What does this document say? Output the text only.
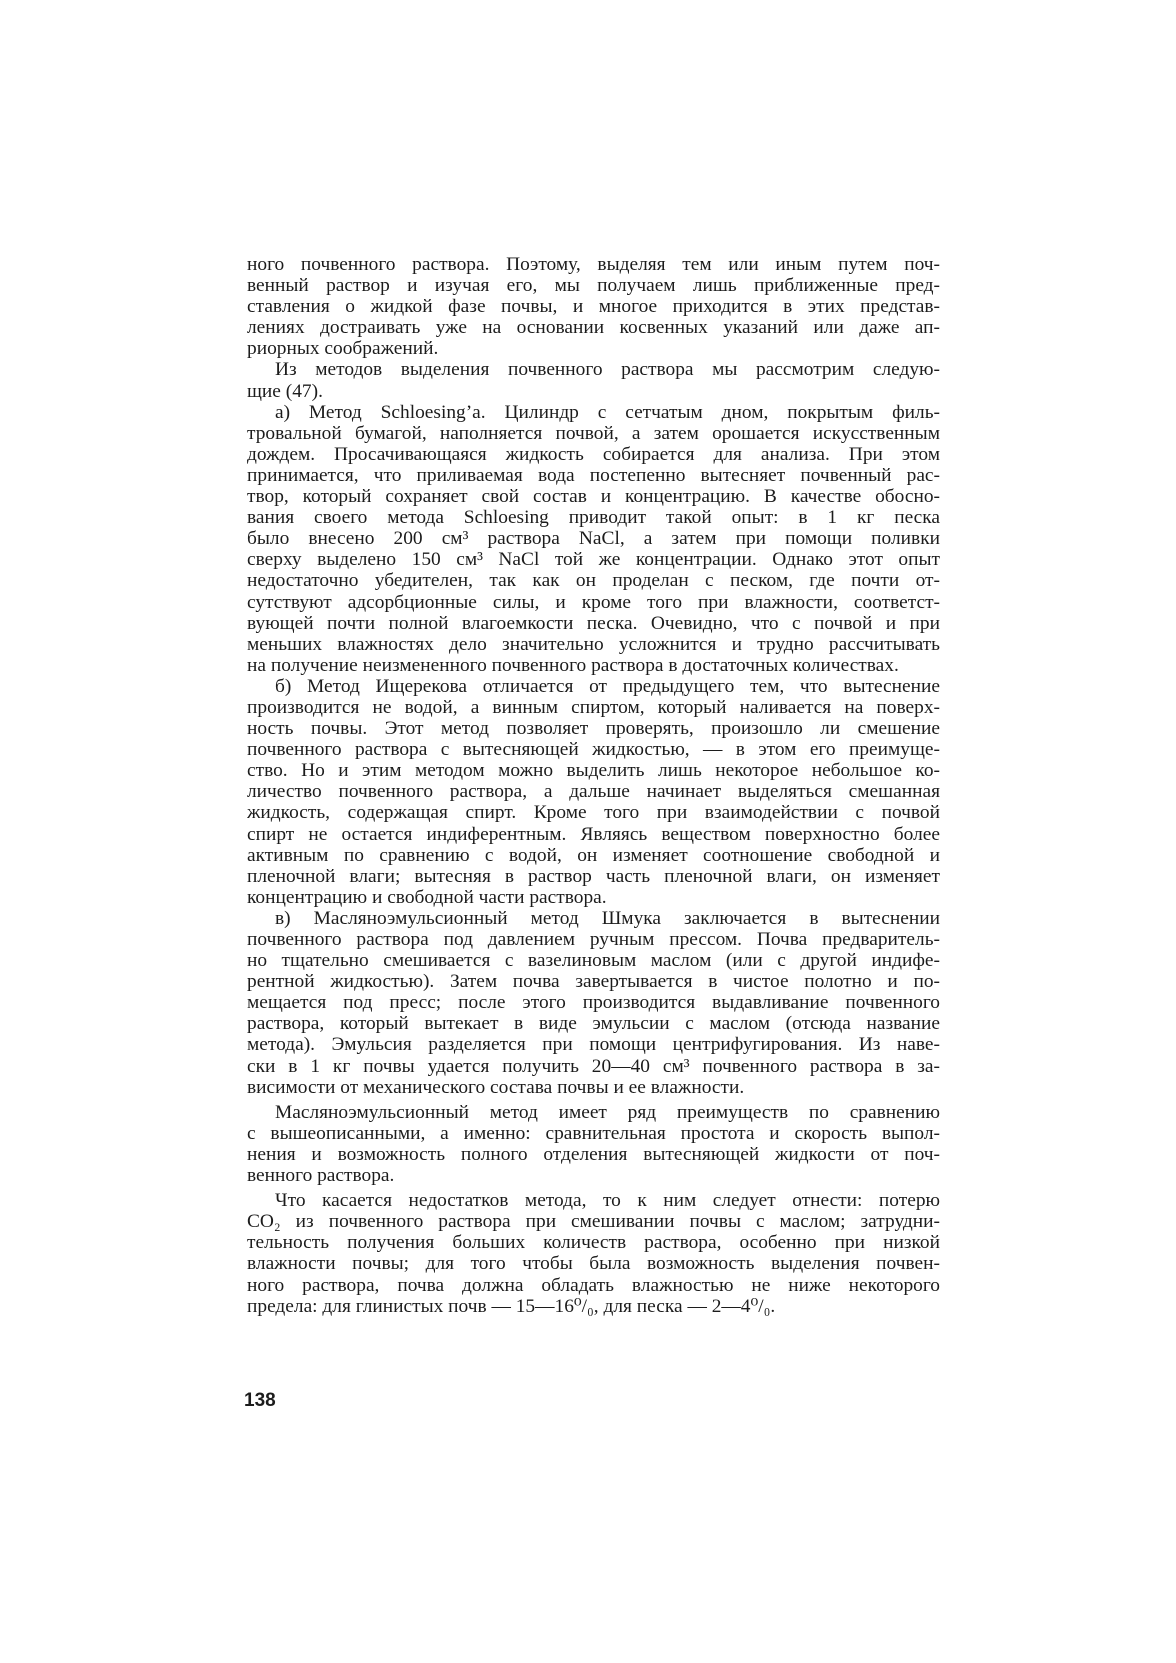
ного почвенного раствора. Поэтому, выделяя тем или иным путем поч-
венный раствор и изучая его, мы получаем лишь приближенные пред-
ставления о жидкой фазе почвы, и многое приходится в этих представ-
лениях достраивать уже на основании косвенных указаний или даже ап-
риорных соображений.
Из методов выделения почвенного раствора мы рассмотрим следую-
щие (47).
а) Метод Schloesing’a. Цилиндр с сетчатым дном, покрытым филь-
тровальной бумагой, наполняется почвой, а затем орошается искусственным
дождем. Просачивающаяся жидкость собирается для анализа. При этом
принимается, что приливаемая вода постепенно вытесняет почвенный рас-
твор, который сохраняет свой состав и концентрацию. В качестве обосно-
вания своего метода Schloesing приводит такой опыт: в 1 кг песка
было внесено 200 см³ раствора NaCl, а затем при помощи поливки
сверху выделено 150 см³ NaCl той же концентрации. Однако этот опыт
недостаточно убедителен, так как он проделан с песком, где почти от-
сутствуют адсорбционные силы, и кроме того при влажности, соответст-
вующей почти полной влагоемкости песка. Очевидно, что с почвой и при
меньших влажностях дело значительно усложнится и трудно рассчитывать
на получение неизмененного почвенного раствора в достаточных количествах.
б) Метод Ищерекова отличается от предыдущего тем, что вытеснение
производится не водой, а винным спиртом, который наливается на поверх-
ность почвы. Этот метод позволяет проверять, произошло ли смешение
почвенного раствора с вытесняющей жидкостью, — в этом его преимуще-
ство. Но и этим методом можно выделить лишь некоторое небольшое ко-
личество почвенного раствора, а дальше начинает выделяться смешанная
жидкость, содержащая спирт. Кроме того при взаимодействии с почвой
спирт не остается индиферентным. Являясь веществом поверхностно более
активным по сравнению с водой, он изменяет соотношение свободной и
пленочной влаги; вытесняя в раствор часть пленочной влаги, он изменяет
концентрацию и свободной части раствора.
в) Масляноэмульсионный метод Шмука заключается в вытеснении
почвенного раствора под давлением ручным прессом. Почва предваритель-
но тщательно смешивается с вазелиновым маслом (или с другой индифе-
рентной жидкостью). Затем почва завертывается в чистое полотно и по-
мещается под пресс; после этого производится выдавливание почвенного
раствора, который вытекает в виде эмульсии с маслом (отсюда название
метода). Эмульсия разделяется при помощи центрифугирования. Из наве-
ски в 1 кг почвы удается получить 20—40 см³ почвенного раствора в за-
висимости от механического состава почвы и ее влажности.
Масляноэмульсионный метод имеет ряд преимуществ по сравнению
с вышеописанными, а именно: сравнительная простота и скорость выпол-
нения и возможность полного отделения вытесняющей жидкости от поч-
венного раствора.
Что касается недостатков метода, то к ним следует отнести: потерю
CO₂ из почвенного раствора при смешивании почвы с маслом; затрудни-
тельность получения больших количеств раствора, особенно при низкой
влажности почвы; для того чтобы была возможность выделения почвен-
ного раствора, почва должна обладать влажностью не ниже некоторого
предела: для глинистых почв — 15—16⁰/₀, для песка — 2—4⁰/₀.
138
